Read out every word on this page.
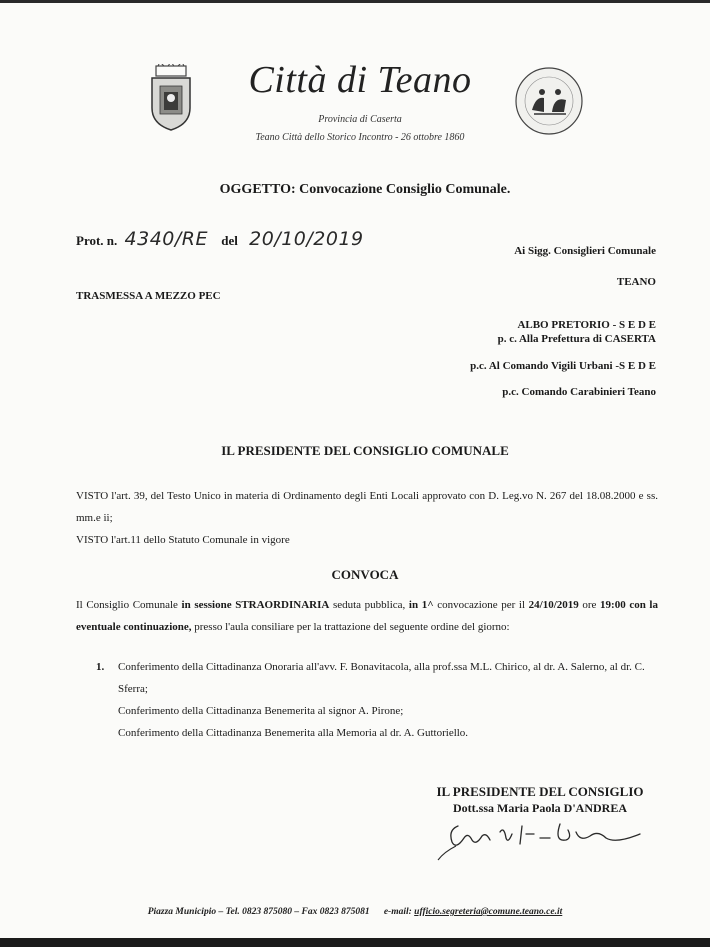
Città di Teano
Provincia di Caserta
Teano Città dello Storico Incontro - 26 ottobre 1860
OGGETTO: Convocazione Consiglio Comunale.
Prot. n. 4340/RE del 20/10/2019
Ai Sigg. Consiglieri Comunale
TEANO
TRASMESSA A MEZZO PEC
ALBO PRETORIO - S E D E
p. c. Alla Prefettura di CASERTA
p.c. Al Comando Vigili Urbani -S E D E
p.c. Comando Carabinieri Teano
IL PRESIDENTE DEL CONSIGLIO COMUNALE
VISTO l'art. 39, del Testo Unico in materia di Ordinamento degli Enti Locali approvato con D. Leg.vo N. 267 del 18.08.2000 e ss. mm.e ii;
VISTO l'art.11 dello Statuto Comunale in vigore
CONVOCA
Il Consiglio Comunale in sessione STRAORDINARIA seduta pubblica, in 1^ convocazione per il 24/10/2019 ore 19:00 con la eventuale continuazione, presso l'aula consiliare per la trattazione del seguente ordine del giorno:
1. Conferimento della Cittadinanza Onoraria all'avv. F. Bonavitacola, alla prof.ssa M.L. Chirico, al dr. A. Salerno, al dr. C. Sferra;
Conferimento della Cittadinanza Benemerita al signor A. Pirone;
Conferimento della Cittadinanza Benemerita alla Memoria al dr. A. Guttoriello.
IL PRESIDENTE DEL CONSIGLIO
Dott.ssa Maria Paola D'ANDREA
Piazza Municipio – Tel. 0823 875080 – Fax 0823 875081 e-mail: ufficio.segreteria@comune.teano.ce.it
